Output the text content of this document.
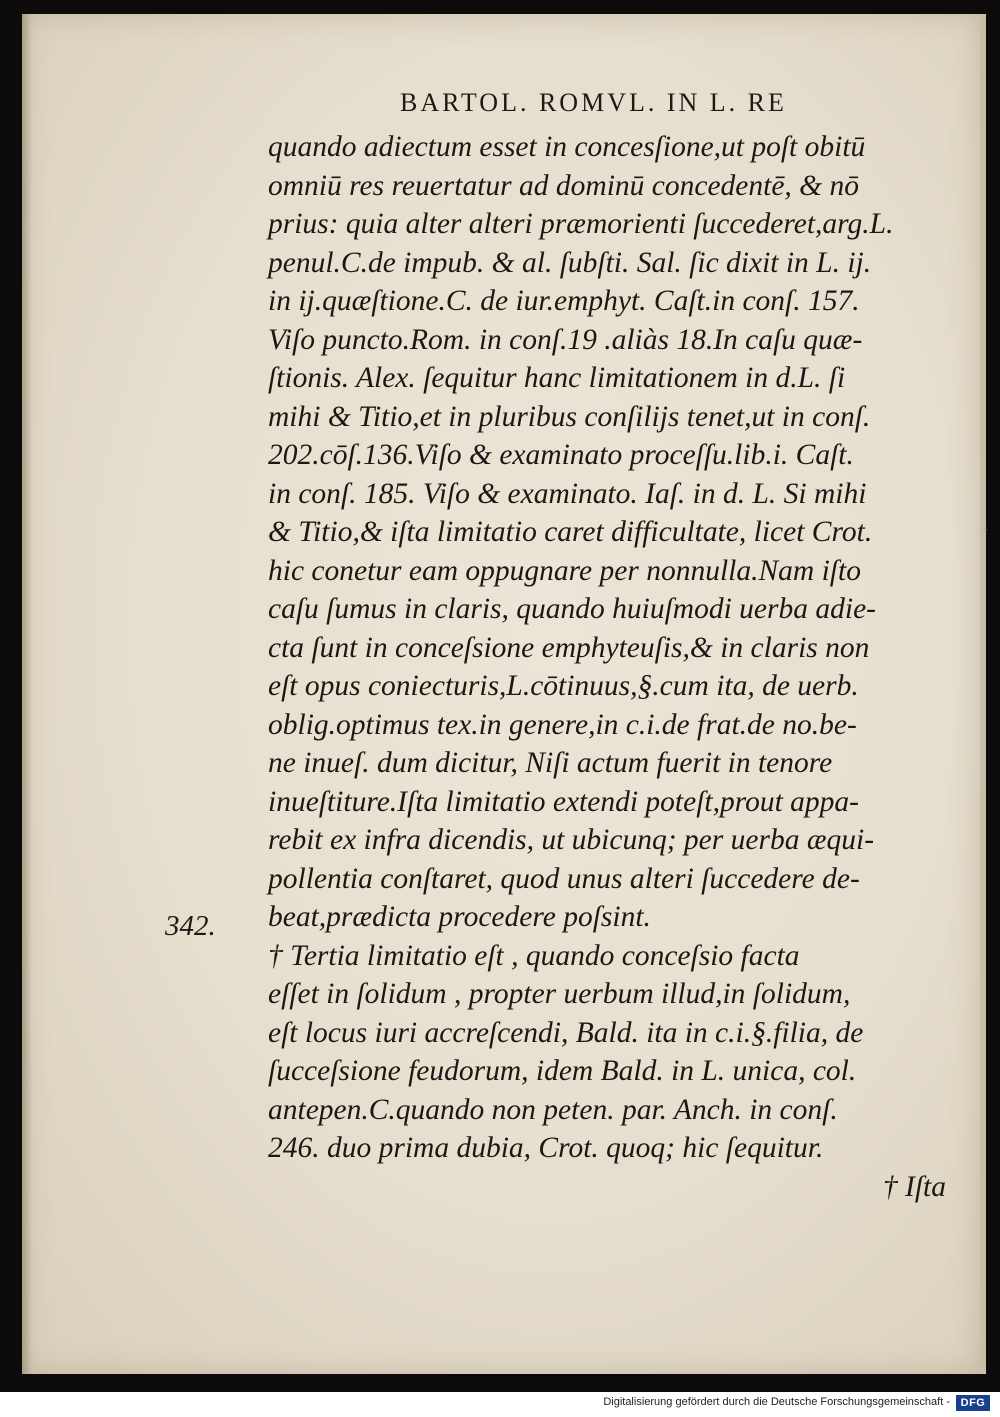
›
BARTOL. ROMVL. IN L. RE
quando adiectum esset in concesſione,ut poſt obitū
omniū res reuertatur ad dominū concedentē, & nō
prius: quia alter alteri præmorienti ſuccederet,arg.L.
penul.C.de impub. & al. ſubſti. Sal. ſic dixit in L. ij.
in ij.quæſtione.C. de iur.emphyt. Caſt.in conſ. 157.
Viſo puncto.Rom. in conſ.19 .aliàs 18.In caſu quæ-
ſtionis. Alex. ſequitur hanc limitationem in d.L. ſi
mihi & Titio,et in pluribus conſilijs tenet,ut in conſ.
202.cōſ.136.Viſo & examinato proceſſu.lib.i. Caſt.
in conſ. 185. Viſo & examinato. Iaſ. in d. L. Si mihi
& Titio,& iſta limitatio caret difficultate, licet Crot.
hic conetur eam oppugnare per nonnulla.Nam iſto
caſu ſumus in claris, quando huiuſmodi uerba adie-
cta ſunt in conceſsione emphyteuſis,& in claris non
eſt opus coniecturis,L.cōtinuus,§.cum ita, de uerb.
oblig.optimus tex.in genere,in c.i.de frat.de no.be-
ne inueſ. dum dicitur, Niſi actum fuerit in tenore
inueſtiture.Iſta limitatio extendi poteſt,prout appa-
rebit ex infra dicendis, ut ubicunq; per uerba æqui-
pollentia conſtaret, quod unus alteri ſuccedere de-
beat,prædicta procedere poſsint.
† Tertia limitatio eſt , quando conceſsio facta
eſſet in ſolidum , propter uerbum illud,in ſolidum,
eſt locus iuri accreſcendi, Bald. ita in c.i.§.filia, de
ſucceſsione feudorum, idem Bald. in L. unica, col.
antepen.C.quando non peten. par. Anch. in conſ.
246. duo prima dubia, Crot. quoq; hic ſequitur.
† Iſta
342.
Digitalisierung gefördert durch die Deutsche Forschungsgemeinschaft - DFG
